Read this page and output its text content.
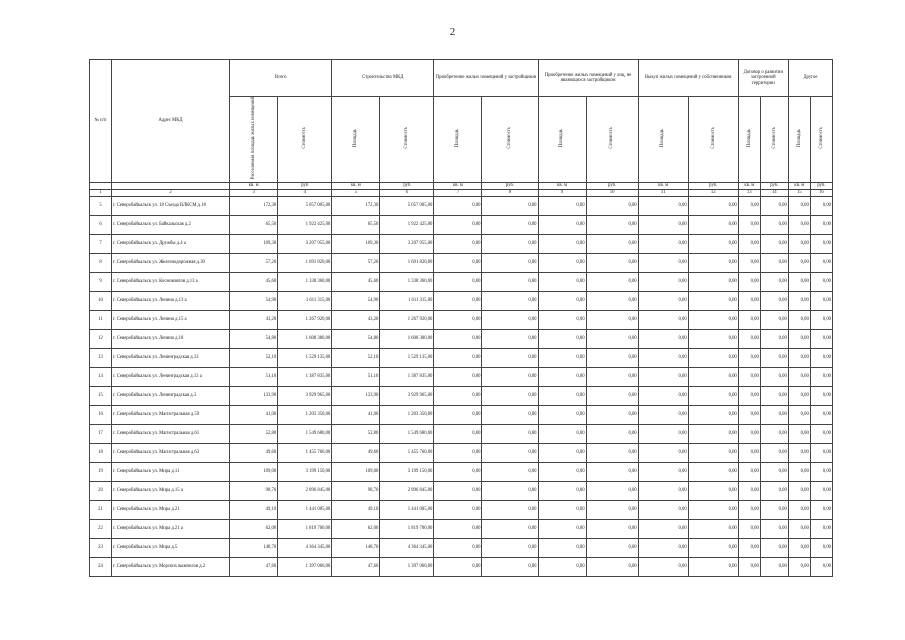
2
№ п/п	Адрес МКД	Всего		Строительство МКД		Приобретение жилых помещений у застройщиков		Приобретение жилых помещений у лиц, не являющихся застройщиком		Выкуп жилых помещений у собственников		Договор о развитии застроенной территории		Другое	
		Расселяемая площадь жилых помещений	Стоимость	Площадь	Стоимость	Площадь	Стоимость	Площадь	Стоимость	Площадь	Стоимость	Площадь	Стоимость	Площадь	Стоимость
		кв. м	руб	кв. м	руб	кв. м	руб.	кв. м	руб.	кв. м	руб.	кв. м	руб.	кв. м	руб.
1	2	3	4	5	6	7	8	9	10	11	12	13	14	15	16
5	г. Северобайкальск ул. 18 Съезда ВЛКСМ д.18	172,30	5 057 005,00	172,30	5 057 005,00	0,00	0,00	0,00	0,00	0,00	0,00	0,00	0,00	0,00	0,00
6	г. Северобайкальск ул. Байкальская д.2	65,50	1 922 425,00	65,50	1 922 425,00	0,00	0,00	0,00	0,00	0,00	0,00	0,00	0,00	0,00	0,00
7	г. Северобайкальск ул. Дружбы д.4 а	109,30	3 207 955,00	109,30	3 207 955,00	0,00	0,00	0,00	0,00	0,00	0,00	0,00	0,00	0,00	0,00
8	г. Северобайкальск ул. Железнодорожная д.30	57,20	1 691 820,00	57,20	1 691 820,00	0,00	0,00	0,00	0,00	0,00	0,00	0,00	0,00	0,00	0,00
9	г. Северобайкальск ул. Космонавтов д.13 а	45,60	1 338 360,00	45,60	1 338 360,00	0,00	0,00	0,00	0,00	0,00	0,00	0,00	0,00	0,00	0,00
10	г. Северобайкальск ул. Ленина д.13 а	54,90	1 611 315,00	54,90	1 611 315,00	0,00	0,00	0,00	0,00	0,00	0,00	0,00	0,00	0,00	0,00
11	г. Северобайкальск ул. Ленина д.15 а	43,20	1 267 920,00	43,20	1 267 920,00	0,00	0,00	0,00	0,00	0,00	0,00	0,00	0,00	0,00	0,00
12	г. Северобайкальск ул. Ленина д.18	54,80	1 608 380,00	54,80	1 608 380,00	0,00	0,00	0,00	0,00	0,00	0,00	0,00	0,00	0,00	0,00
13	г. Северобайкальск ул. Ленинградская д.13	52,10	1 529 135,00	52,10	1 529 135,00	0,00	0,00	0,00	0,00	0,00	0,00	0,00	0,00	0,00	0,00
14	г. Северобайкальск ул. Ленинградская д.13 а	51,10	1 387 835,00	51,10	1 387 835,00	0,00	0,00	0,00	0,00	0,00	0,00	0,00	0,00	0,00	0,00
15	г. Северобайкальск ул. Ленинградская д.3	133,90	3 929 965,00	133,90	3 929 965,00	0,00	0,00	0,00	0,00	0,00	0,00	0,00	0,00	0,00	0,00
16	г. Северобайкальск ул. Магистральная д.59	41,00	1 203 350,00	41,00	1 203 350,00	0,00	0,00	0,00	0,00	0,00	0,00	0,00	0,00	0,00	0,00
17	г. Северобайкальск ул. Магистральная д.61	52,80	1 549 680,00	52,80	1 549 680,00	0,00	0,00	0,00	0,00	0,00	0,00	0,00	0,00	0,00	0,00
18	г. Северобайкальск ул. Магистральная д.63	49,60	1 455 760,00	49,60	1 455 760,00	0,00	0,00	0,00	0,00	0,00	0,00	0,00	0,00	0,00	0,00
19	г. Северобайкальск ул. Мира д.11	109,00	3 199 150,00	109,00	3 199 150,00	0,00	0,00	0,00	0,00	0,00	0,00	0,00	0,00	0,00	0,00
20	г. Северобайкальск ул. Мира д.15 а	98,70	2 896 845,00	98,70	2 896 845,00	0,00	0,00	0,00	0,00	0,00	0,00	0,00	0,00	0,00	0,00
21	г. Северобайкальск ул. Мира д.21	49,10	1 441 085,00	49,10	1 441 085,00	0,00	0,00	0,00	0,00	0,00	0,00	0,00	0,00	0,00	0,00
22	г. Северобайкальск ул. Мира д.21 а	62,00	1 819 700,00	62,00	1 819 700,00	0,00	0,00	0,00	0,00	0,00	0,00	0,00	0,00	0,00	0,00
23	г. Северобайкальск ул. Мира д.5	148,70	4 364 345,00	148,70	4 364 345,00	0,00	0,00	0,00	0,00	0,00	0,00	0,00	0,00	0,00	0,00
24	г. Северобайкальск ул. Морских вымпелов д.2	47,60	1 397 060,00	47,60	1 397 060,00	0,00	0,00	0,00	0,00	0,00	0,00	0,00	0,00	0,00	0,00
